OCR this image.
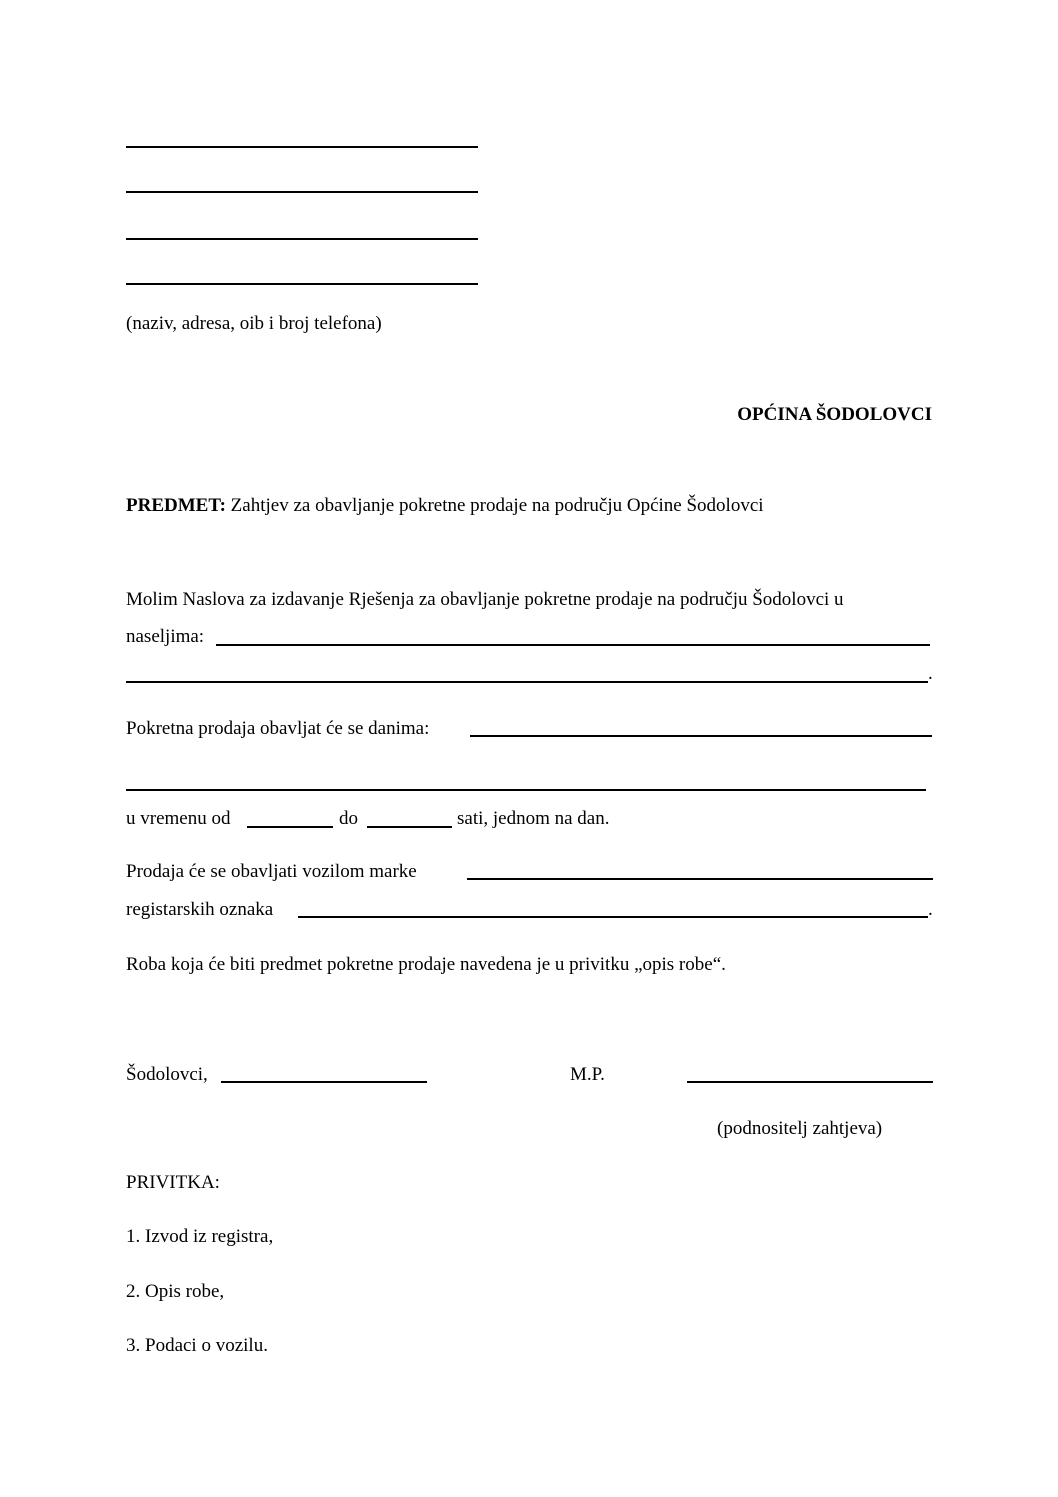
(naziv, adresa, oib i broj telefona)
OPĆINA ŠODOLOVCI
PREDMET: Zahtjev za obavljanje pokretne prodaje na području Općine Šodolovci
Molim Naslova za izdavanje Rješenja za obavljanje pokretne prodaje na području Šodolovci u
naseljima:
.
Pokretna prodaja obavljat će se danima:
u vremenu od	do	sati, jednom na dan.
Prodaja će se obavljati vozilom marke
registarskih oznaka	.
Roba koja će biti predmet pokretne prodaje navedena je u privitku „opis robe“.
Šodolovci,	M.P.
(podnositelj zahtjeva)
PRIVITKA:
1. Izvod iz registra,
2. Opis robe,
3. Podaci o vozilu.
